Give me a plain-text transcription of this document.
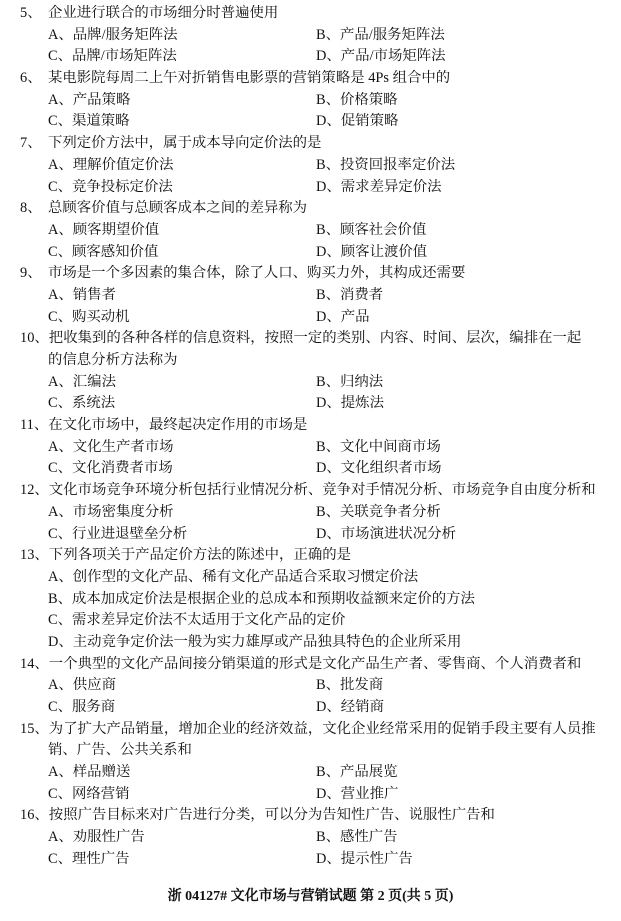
5、 企业进行联合的市场细分时普遍使用
A、品牌/服务矩阵法	B、产品/服务矩阵法
C、品牌/市场矩阵法	D、产品/市场矩阵法
6、 某电影院每周二上午对折销售电影票的营销策略是 4Ps 组合中的
A、产品策略	B、价格策略
C、渠道策略	D、促销策略
7、 下列定价方法中，属于成本导向定价法的是
A、理解价值定价法	B、投资回报率定价法
C、竞争投标定价法	D、需求差异定价法
8、 总顾客价值与总顾客成本之间的差异称为
A、顾客期望价值	B、顾客社会价值
C、顾客感知价值	D、顾客让渡价值
9、 市场是一个多因素的集合体，除了人口、购买力外，其构成还需要
A、销售者	B、消费者
C、购买动机	D、产品
10、把收集到的各种各样的信息资料，按照一定的类别、内容、时间、层次，编排在一起
的信息分析方法称为
A、汇编法	B、归纳法
C、系统法	D、提炼法
11、在文化市场中，最终起决定作用的市场是
A、文化生产者市场	B、文化中间商市场
C、文化消费者市场	D、文化组织者市场
12、文化市场竞争环境分析包括行业情况分析、竞争对手情况分析、市场竞争自由度分析和
A、市场密集度分析	B、关联竞争者分析
C、行业进退壁垒分析	D、市场演进状况分析
13、下列各项关于产品定价方法的陈述中，正确的是
A、创作型的文化产品、稀有文化产品适合采取习惯定价法
B、成本加成定价法是根据企业的总成本和预期收益额来定价的方法
C、需求差异定价法不太适用于文化产品的定价
D、主动竞争定价法一般为实力雄厚或产品独具特色的企业所采用
14、一个典型的文化产品间接分销渠道的形式是文化产品生产者、零售商、个人消费者和
A、供应商	B、批发商
C、服务商	D、经销商
15、为了扩大产品销量，增加企业的经济效益，文化企业经常采用的促销手段主要有人员推
销、广告、公共关系和
A、样品赠送	B、产品展览
C、网络营销	D、营业推广
16、按照广告目标来对广告进行分类，可以分为告知性广告、说服性广告和
A、劝服性广告	B、感性广告
C、理性广告	D、提示性广告
浙 04127# 文化市场与营销试题 第 2 页(共 5 页)
